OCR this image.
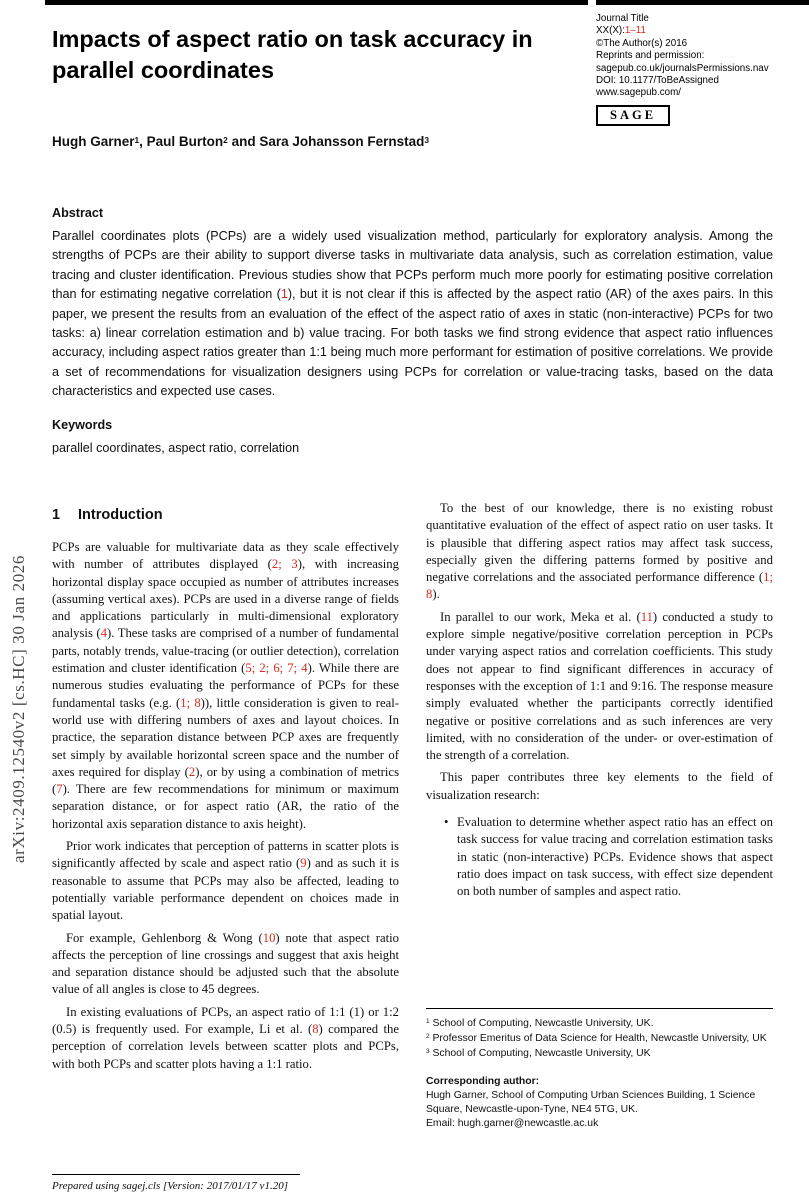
arXiv:2409.12540v2 [cs.HC] 30 Jan 2026
Impacts of aspect ratio on task accuracy in parallel coordinates
Journal Title
XX(X):1–11
©The Author(s) 2016
Reprints and permission:
sagepub.co.uk/journalsPermissions.nav
DOI: 10.1177/ToBeAssigned
www.sagepub.com/
SAGE
Hugh Garner$^1$, Paul Burton$^2$ and Sara Johansson Fernstad$^3$
Abstract

Parallel coordinates plots (PCPs) are a widely used visualization method, particularly for exploratory analysis. Among the strengths of PCPs are their ability to support diverse tasks in multivariate data analysis, such as correlation estimation, value tracing and cluster identification. Previous studies show that PCPs perform much more poorly for estimating positive correlation than for estimating negative correlation (1), but it is not clear if this is affected by the aspect ratio (AR) of the axes pairs. In this paper, we present the results from an evaluation of the effect of the aspect ratio of axes in static (non-interactive) PCPs for two tasks: a) linear correlation estimation and b) value tracing. For both tasks we find strong evidence that aspect ratio influences accuracy, including aspect ratios greater than 1:1 being much more performant for estimation of positive correlations. We provide a set of recommendations for visualization designers using PCPs for correlation or value-tracing tasks, based on the data characteristics and expected use cases.

Keywords

parallel coordinates, aspect ratio, correlation

1 Introduction

PCPs are valuable for multivariate data as they scale effectively with number of attributes displayed (2; 3), with increasing horizontal display space occupied as number of attributes increases (assuming vertical axes). PCPs are used in a diverse range of fields and applications particularly in multi-dimensional exploratory analysis (4). These tasks are comprised of a number of fundamental parts, notably trends, value-tracing (or outlier detection), correlation estimation and cluster identification (5; 2; 6; 7; 4). While there are numerous studies evaluating the performance of PCPs for these fundamental tasks (e.g. (1; 8)), little consideration is given to real-world use with differing numbers of axes and layout choices. In practice, the separation distance between PCP axes are frequently set simply by available horizontal screen space and the number of axes required for display (2), or by using a combination of metrics (7). There are few recommendations for minimum or maximum separation distance, or for aspect ratio (AR, the ratio of the horizontal axis separation distance to axis height).

Prior work indicates that perception of patterns in scatter plots is significantly affected by scale and aspect ratio (9) and as such it is reasonable to assume that PCPs may also be affected, leading to potentially variable performance dependent on choices made in spatial layout.

For example, Gehlenborg & Wong (10) note that aspect ratio affects the perception of line crossings and suggest that axis height and separation distance should be adjusted such that the absolute value of all angles is close to 45 degrees.

In existing evaluations of PCPs, an aspect ratio of 1:1 (1) or 1:2 (0.5) is frequently used. For example, Li et al. (8) compared the perception of correlation levels between scatter plots and PCPs, with both PCPs and scatter plots having a 1:1 ratio.

To the best of our knowledge, there is no existing robust quantitative evaluation of the effect of aspect ratio on user tasks. It is plausible that differing aspect ratios may affect task success, especially given the differing patterns formed by positive and negative correlations and the associated performance difference (1; 8).

In parallel to our work, Meka et al. (11) conducted a study to explore simple negative/positive correlation perception in PCPs under varying aspect ratios and correlation coefficients. This study does not appear to find significant differences in accuracy of responses with the exception of 1:1 and 9:16. The response measure simply evaluated whether the participants correctly identified negative or positive correlations and as such inferences are very limited, with no consideration of the under- or over-estimation of the strength of a correlation.

This paper contributes three key elements to the field of visualization research:

• Evaluation to determine whether aspect ratio has an effect on task success for value tracing and correlation estimation tasks in static (non-interactive) PCPs. Evidence shows that aspect ratio does impact on task success, with effect size dependent on both number of samples and aspect ratio.

$^1$ School of Computing, Newcastle University, UK.

$^2$ Professor Emeritus of Data Science for Health, Newcastle University, UK

$^3$ School of Computing, Newcastle University, UK

Corresponding author:

Hugh Garner, School of Computing Urban Sciences Building, 1 Science Square, Newcastle-upon-Tyne, NE4 5TG, UK.

Email: hugh.garner@newcastle.ac.uk

Prepared using sagej.cls [Version: 2017/01/17 v1.20]
